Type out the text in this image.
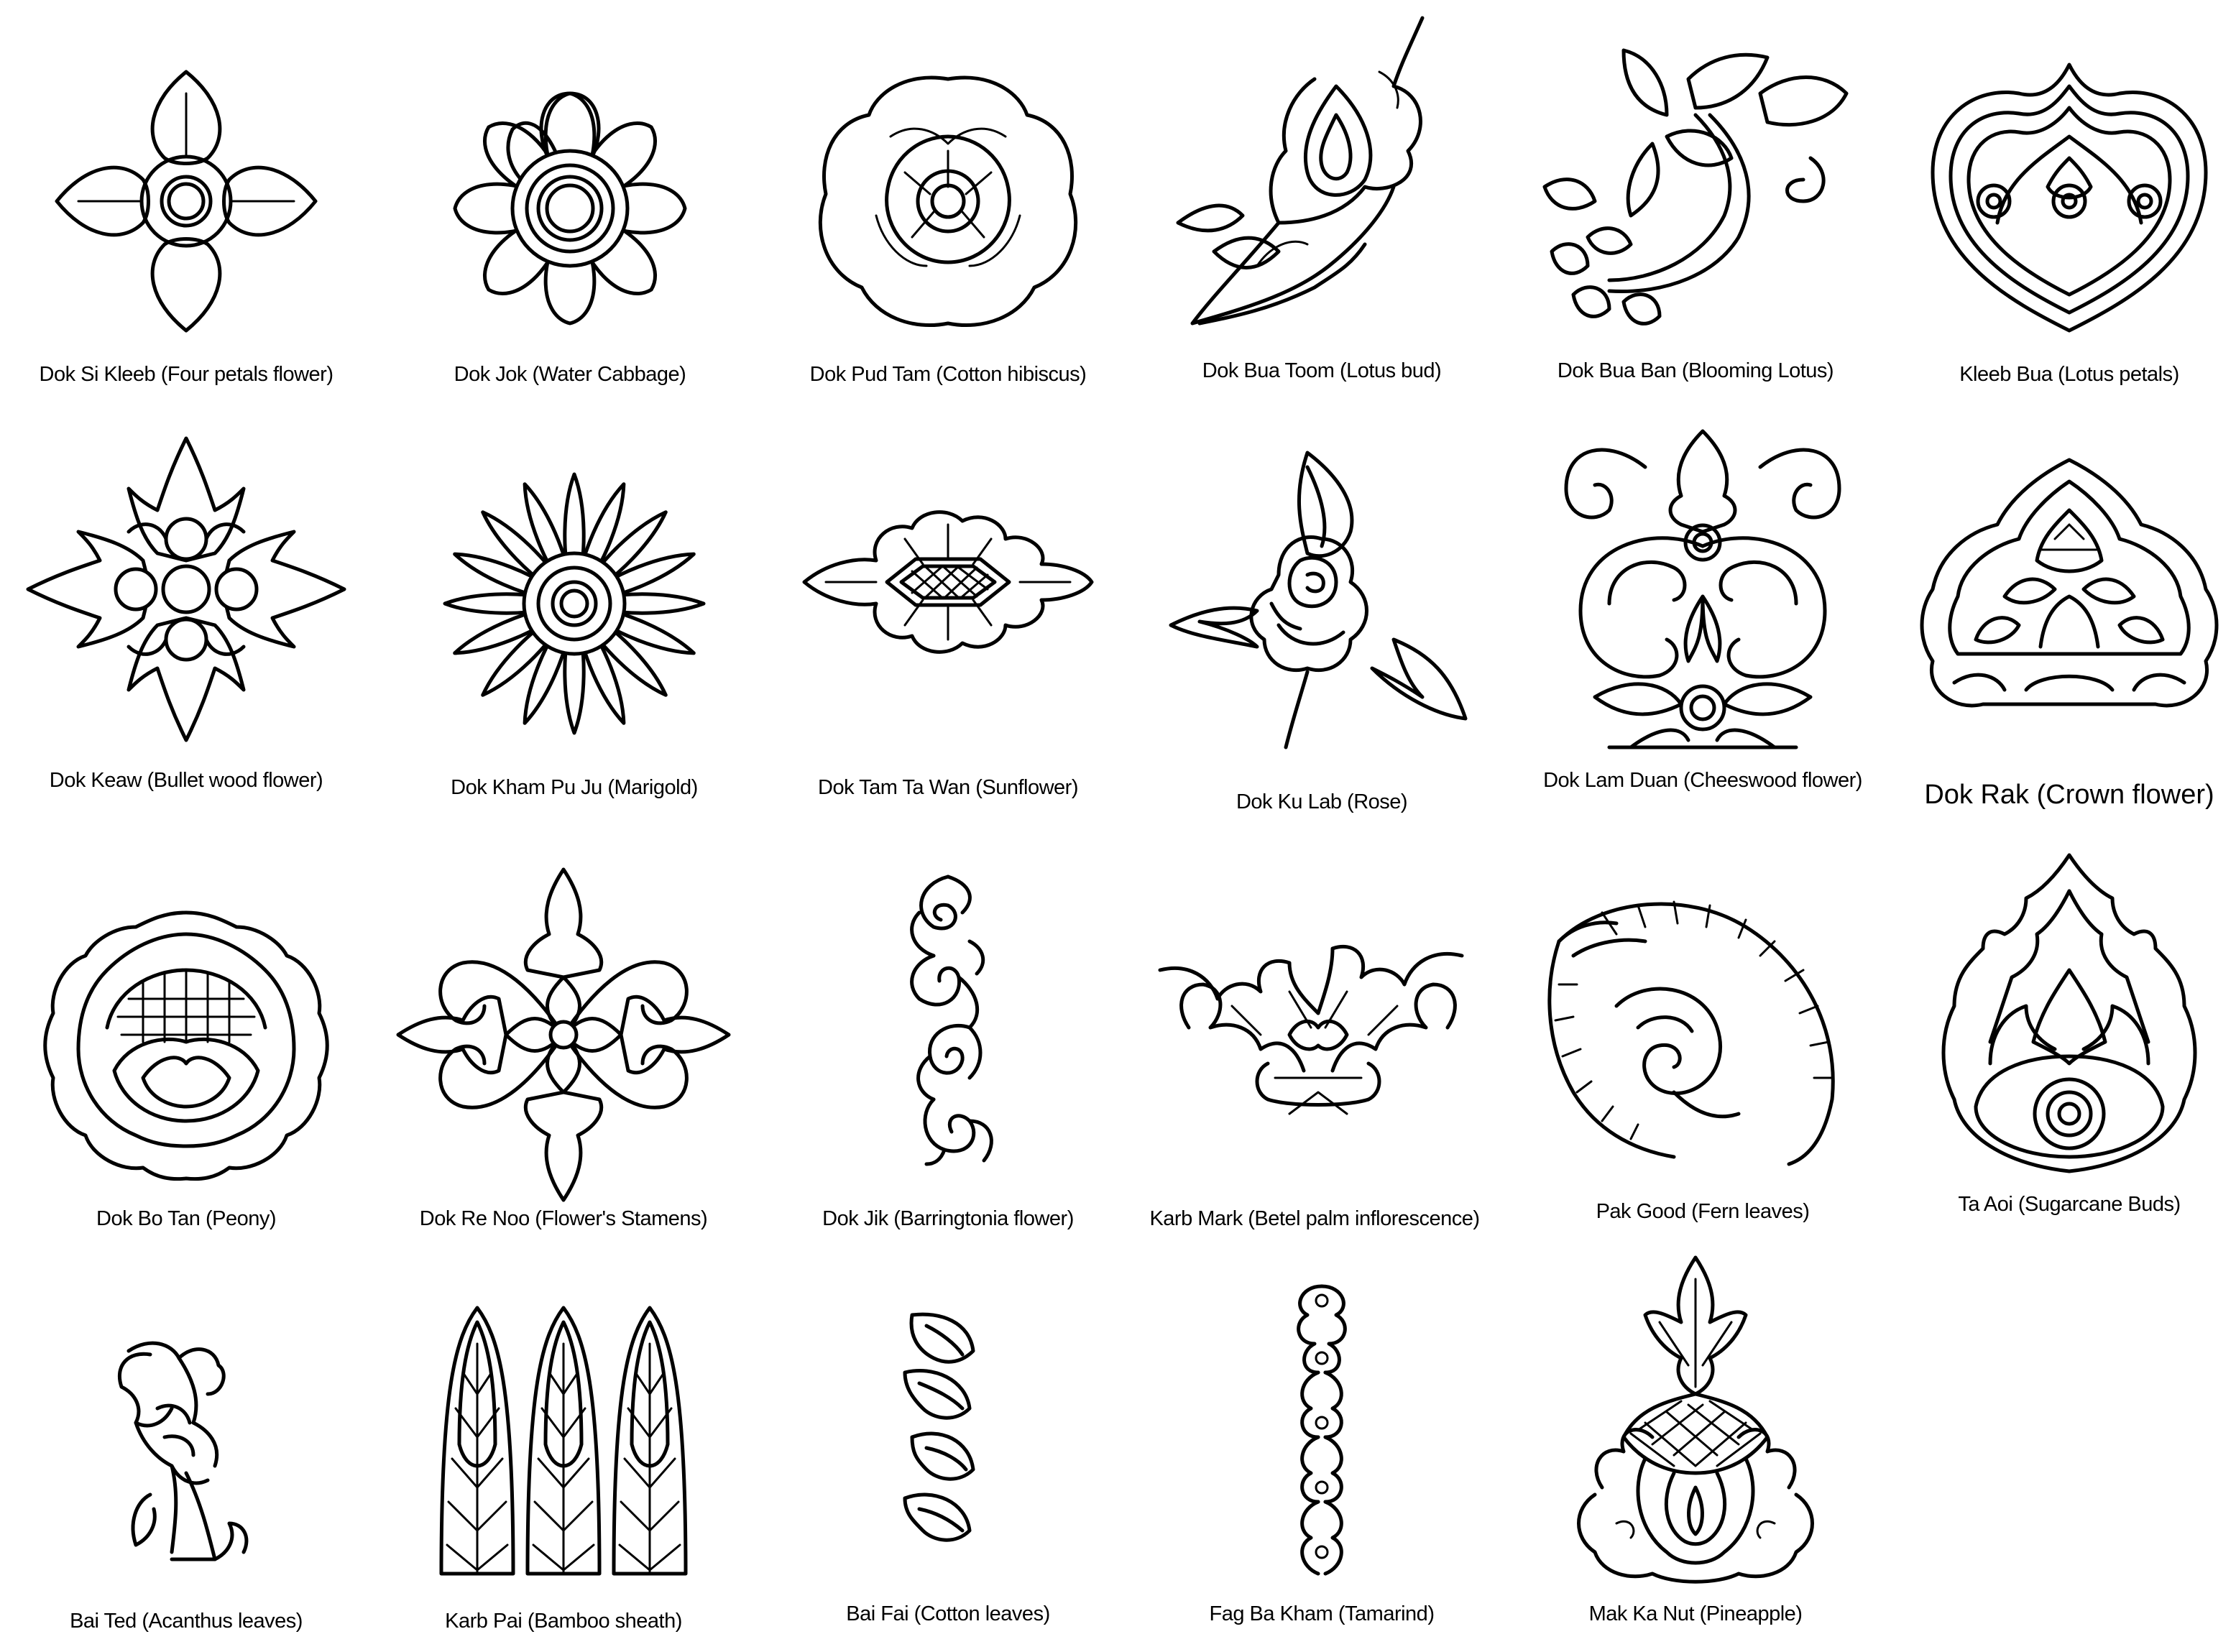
Dok Si Kleeb (Four petals flower)	Dok Jok (Water Cabbage)	Dok Pud Tam (Cotton hibiscus)	Dok Bua Toom (Lotus bud)	Dok Bua Ban (Blooming Lotus)	Kleeb Bua (Lotus petals)
Dok Keaw (Bullet wood flower)	Dok Kham Pu Ju (Marigold)	Dok Tam Ta Wan (Sunflower)
Dok Ku Lab (Rose)
Dok Lam Duan (Cheeswood flower)	Dok Rak (Crown flower)
Dok Bo Tan (Peony)	Dok Re Noo (Flower's Stamens)	Dok Jik (Barringtonia flower)	Karb Mark (Betel palm inflorescence)	Pak Good (Fern leaves)	Ta Aoi (Sugarcane Buds)
Bai Ted (Acanthus leaves)	Karb Pai (Bamboo sheath)	Bai Fai (Cotton leaves)	Fag Ba Kham (Tamarind)	Mak Ka Nut (Pineapple)
